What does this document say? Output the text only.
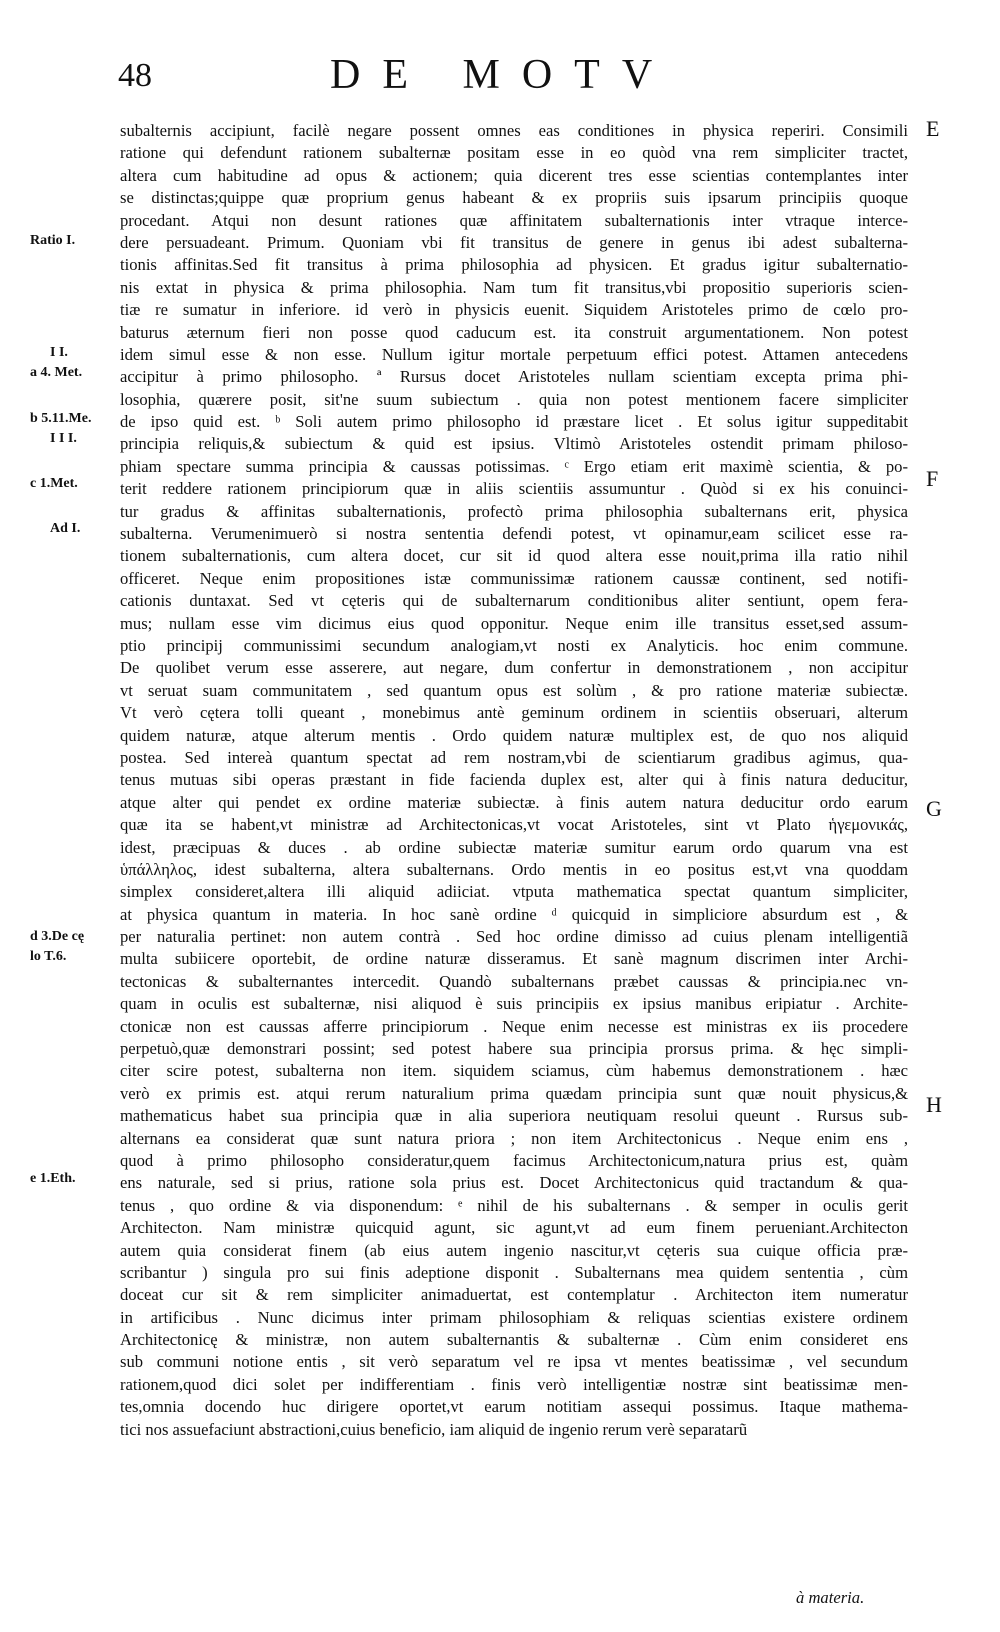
48	DE MOTV
subalternis accipiunt, facilè negare possent omnes eas conditiones in physica reperiri. Consimili
ratione qui defendunt rationem subalternæ positam esse in eo quòd vna rem simpliciter tractet,
altera cum habitudine ad opus & actionem; quia dicerent tres esse scientias contemplantes inter
se distinctas;quippe quæ proprium genus habeant & ex propriis suis ipsarum principiis quoque
procedant. Atqui non desunt rationes quæ affinitatem subalternationis inter vtraque interce-
dere persuadeant. Primum. Quoniam vbi fit transitus de genere in genus ibi adest subalterna-
tionis affinitas.Sed fit transitus à prima philosophia ad physicen. Et gradus igitur subalternatio-
nis extat in physica & prima philosophia. Nam tum fit transitus,vbi propositio superioris scien-
tiæ re sumatur in inferiore. id verò in physicis euenit. Siquidem Aristoteles primo de cœlo pro-
baturus æternum fieri non posse quod caducum est. ita construit argumentationem. Non potest
idem simul esse & non esse. Nullum igitur mortale perpetuum effici potest. Attamen antecedens
accipitur à primo philosopho. ª Rursus docet Aristoteles nullam scientiam excepta prima phi-
losophia, quærere posit, sit'ne suum subiectum . quia non potest mentionem facere simpliciter
de ipso quid est. ᵇ Soli autem primo philosopho id præstare licet . Et solus igitur suppeditabit
principia reliquis,& subiectum & quid est ipsius. Vltimò Aristoteles ostendit primam philoso-
phiam spectare summa principia & caussas potissimas. ᶜ Ergo etiam erit maximè scientia, & po-
terit reddere rationem principiorum quæ in aliis scientiis assumuntur . Quòd si ex his conuinci-
tur gradus & affinitas subalternationis, profectò prima philosophia subalternans erit, physica
subalterna. Verumenimuerò si nostra sententia defendi potest, vt opinamur,eam scilicet esse ra-
tionem subalternationis, cum altera docet, cur sit id quod altera esse nouit,prima illa ratio nihil
officeret. Neque enim propositiones istæ communissimæ rationem caussæ continent, sed notifi-
cationis duntaxat. Sed vt cęteris qui de subalternarum conditionibus aliter sentiunt, opem fera-
mus; nullam esse vim dicimus eius quod opponitur. Neque enim ille transitus esset,sed assum-
ptio principij communissimi secundum analogiam,vt nosti ex Analyticis. hoc enim commune.
De quolibet verum esse asserere, aut negare, dum confertur in demonstrationem , non accipitur
vt seruat suam communitatem , sed quantum opus est solùm , & pro ratione materiæ subiectæ.
Vt verò cętera tolli queant , monebimus antè geminum ordinem in scientiis obseruari, alterum
quidem naturæ, atque alterum mentis . Ordo quidem naturæ multiplex est, de quo nos aliquid
postea. Sed intereà quantum spectat ad rem nostram,vbi de scientiarum gradibus agimus, qua-
tenus mutuas sibi operas præstant in fide facienda duplex est, alter qui à finis natura deducitur,
atque alter qui pendet ex ordine materiæ subiectæ. à finis autem natura deducitur ordo earum
quæ ita se habent,vt ministræ ad Architectonicas,vt vocat Aristoteles, sint vt Plato ἡγεμονικάς,
idest, præcipuas & duces . ab ordine subiectæ materiæ sumitur earum ordo quarum vna est
ὑπάλληλος, idest subalterna, altera subalternans. Ordo mentis in eo positus est,vt vna quoddam
simplex consideret,altera illi aliquid adiiciat. vtputa mathematica spectat quantum simpliciter,
at physica quantum in materia. In hoc sanè ordine ᵈ quicquid in simpliciore absurdum est , &
per naturalia pertinet: non autem contrà . Sed hoc ordine dimisso ad cuius plenam intelligentiã
multa subiicere oportebit, de ordine naturæ disseramus. Et sanè magnum discrimen inter Archi-
tectonicas & subalternantes intercedit. Quandò subalternans præbet caussas & principia.nec vn-
quam in oculis est subalternæ, nisi aliquod è suis principiis ex ipsius manibus eripiatur . Archite-
ctonicæ non est caussas afferre principiorum . Neque enim necesse est ministras ex iis procedere
perpetuò,quæ demonstrari possint; sed potest habere sua principia prorsus prima. & hęc simpli-
citer scire potest, subalterna non item. siquidem sciamus, cùm habemus demonstrationem . hæc
verò ex primis est. atqui rerum naturalium prima quædam principia sunt quæ nouit physicus,&
mathematicus habet sua principia quæ in alia superiora neutiquam resolui queunt . Rursus sub-
alternans ea considerat quæ sunt natura priora ; non item Architectonicus . Neque enim ens ,
quod à primo philosopho consideratur,quem facimus Architectonicum,natura prius est, quàm
ens naturale, sed si prius, ratione sola prius est. Docet Architectonicus quid tractandum & qua-
tenus , quo ordine & via disponendum: ᵉ nihil de his subalternans . & semper in oculis gerit
Architecton. Nam ministræ quicquid agunt, sic agunt,vt ad eum finem perueniant.Architecton
autem quia considerat finem (ab eius autem ingenio nascitur,vt cęteris sua cuique officia præ-
scribantur ) singula pro sui finis adeptione disponit . Subalternans mea quidem sententia , cùm
doceat cur sit & rem simpliciter animaduertat, est contemplatur . Architecton item numeratur
in artificibus . Nunc dicimus inter primam philosophiam & reliquas scientias existere ordinem
Architectonicę & ministræ, non autem subalternantis & subalternæ . Cùm enim consideret ens
sub communi notione entis , sit verò separatum vel re ipsa vt mentes beatissimæ , vel secundum
rationem,quod dici solet per indifferentiam . finis verò intelligentiæ nostræ sint beatissimæ men-
tes,omnia docendo huc dirigere oportet,vt earum notitiam assequi possimus. Itaque mathema-
tici nos assuefaciunt abstractioni,cuius beneficio, iam aliquid de ingenio rerum verè separatarũ
Ratio I.
I I.
a 4. Met.
b 5.11.Me.
I I I.
c 1.Met.
Ad I.
d 3.De cę
lo T.6.
e 1.Eth.
E
F
G
H
à materia.
